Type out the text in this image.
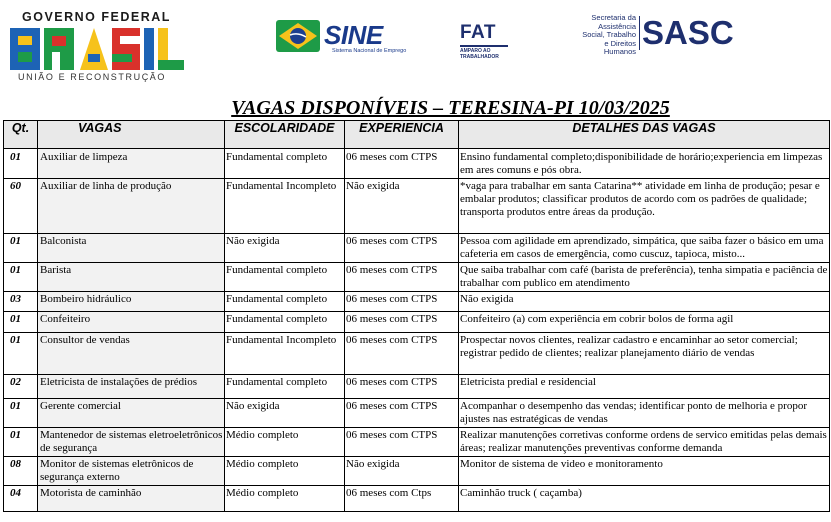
GOVERNO FEDERAL
UNIÃO E RECONSTRUÇÃO
SINE
Sistema Nacional de Emprego
FAT
AMPARO AO TRABALHADOR
Secretaria da Assistência Social, Trabalho e Direitos Humanos
SASC
VAGAS DISPONÍVEIS – TERESINA-PI 10/03/2025
Qt.	VAGAS	ESCOLARIDADE	EXPERIENCIA	DETALHES DAS VAGAS
01	Auxiliar de limpeza	Fundamental completo	06 meses com CTPS	Ensino fundamental completo;disponibilidade de horário;experiencia em limpezas em ares comuns e pós obra.
60	Auxiliar de linha de produção	Fundamental Incompleto	Não exigida	*vaga para trabalhar em santa Catarina** atividade em linha de produção; pesar e embalar produtos; classificar produtos de acordo com os padrões de qualidade; transporta produtos entre áreas da produção.
01	Balconista	Não exigida	06 meses com CTPS	Pessoa com agilidade em aprendizado, simpática, que saiba fazer o básico em uma cafeteria em casos de emergência, como cuscuz, tapioca, misto...
01	Barista	Fundamental completo	06 meses com CTPS	Que saiba trabalhar com café (barista de preferência), tenha simpatia e paciência de trabalhar com publico em atendimento
03	Bombeiro hidráulico	Fundamental completo	06 meses com CTPS	Não exigida
01	Confeiteiro	Fundamental completo	06 meses com CTPS	Confeiteiro (a) com experiência em cobrir bolos de forma agil
01	Consultor de vendas	Fundamental Incompleto	06 meses com CTPS	Prospectar novos clientes, realizar cadastro e encaminhar ao setor comercial; registrar pedido de clientes; realizar planejamento diário de vendas
02	Eletricista de instalações de prédios	Fundamental completo	06 meses com CTPS	Eletricista predial e residencial
01	Gerente comercial	Não exigida	06 meses com CTPS	Acompanhar o desempenho das vendas; identificar ponto de melhoria e propor ajustes nas estratégicas de vendas
01	Mantenedor de sistemas eletroeletrônicos de segurança	Médio completo	06 meses com CTPS	Realizar manutenções corretivas conforme ordens de servico emitidas pelas demais áreas; realizar manutenções preventivas conforme demanda
08	Monitor de sistemas eletrônicos de segurança externo	Médio completo	Não exigida	Monitor de sistema de video e monitoramento
04	Motorista de caminhão	Médio completo	06 meses com Ctps	Caminhão truck ( caçamba)
